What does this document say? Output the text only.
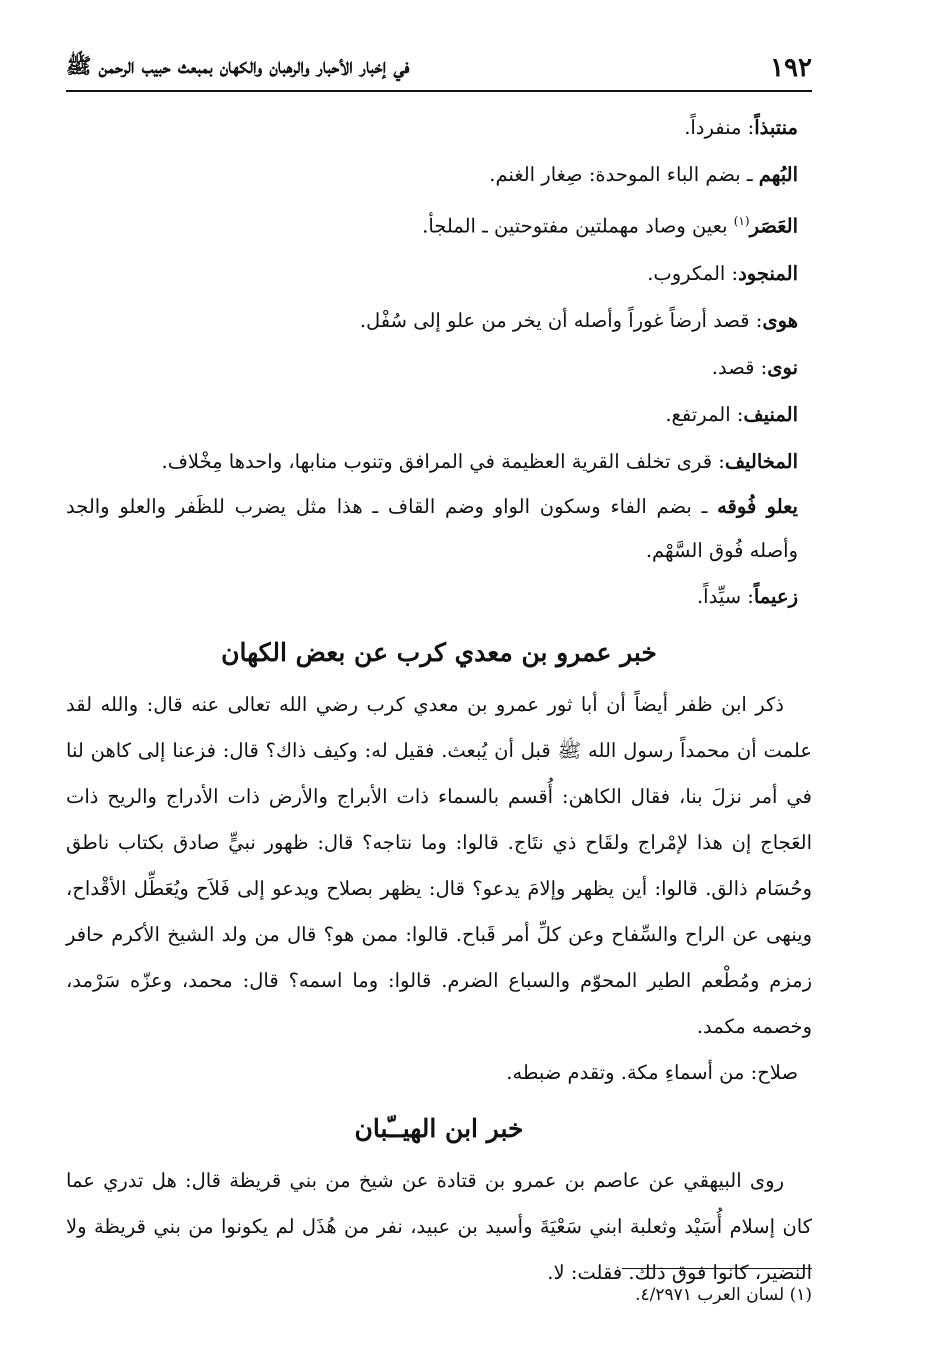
١٩٢
في إخبار الأحبار والرهبان والكهان بمبعث حبيب الرحمن ﷺ

منتبذاً: منفرداً.

البُهم ـ بضم الباء الموحدة: صِغار الغنم.

العَصَر$^{(١)}$ بعين وصاد مهملتين مفتوحتين ـ الملجأ.

المنجود: المكروب.

هوى: قصد أرضاً غوراً وأصله أن يخر من علو إلى سُفْل.

نوى: قصد.

المنيف: المرتفع.

المخاليف: قرى تخلف القرية العظيمة في المرافق وتنوب منابها، واحدها مِخْلاف.

يعلو فُوقه ـ بضم الفاء وسكون الواو وضم القاف ـ هذا مثل يضرب للظَفر والعلو والجد وأصله فُوق السَّهْم.

زعيماً: سيِّداً.

خبر عمرو بن معدي كرب عن بعض الكهان

ذكر ابن ظفر أيضاً أن أبا ثور عمرو بن معدي كرب رضي الله تعالى عنه قال: والله لقد علمت أن محمداً رسول الله ﷺ قبل أن يُبعث. فقيل له: وكيف ذاك؟ قال: فزعنا إلى كاهن لنا في أمر نزلَ بنا، فقال الكاهن: أُقسم بالسماء ذات الأبراج والأرض ذات الأدراج والريح ذات العَجاج إن هذا لإمْراج ولقَاح ذي نتَاج. قالوا: وما نتاجه؟ قال: ظهور نبيٍّ صادق بكتاب ناطق وحُسَام ذالق. قالوا: أين يظهر وإلامَ يدعو؟ قال: يظهر بصلاح ويدعو إلى فَلاَح ويُعَطِّل الأقْداح، وينهى عن الراح والسِّفاح وعن كلِّ أمر قَباح. قالوا: ممن هو؟ قال من ولد الشيخ الأكرم حافر زمزم ومُطْعم الطير المحوّم والسباع الضرم. قالوا: وما اسمه؟ قال: محمد، وعزّه سَرْمد، وخصمه مكمد.

صلاح: من أسماءِ مكة. وتقدم ضبطه.

خبر ابن الهيــّبان

روى البيهقي عن عاصم بن عمرو بن قتادة عن شيخ من بني قريظة قال: هل تدري عما كان إسلام أُسَيْد وثعلبة ابني سَعْيَةَ وأسيد بن عبيد، نفر من هُذَل لم يكونوا من بني قريظة ولا النضير، كانوا فوق ذلك. فقلت: لا.

(١) لسان العرب ٤/٢٩٧١.
